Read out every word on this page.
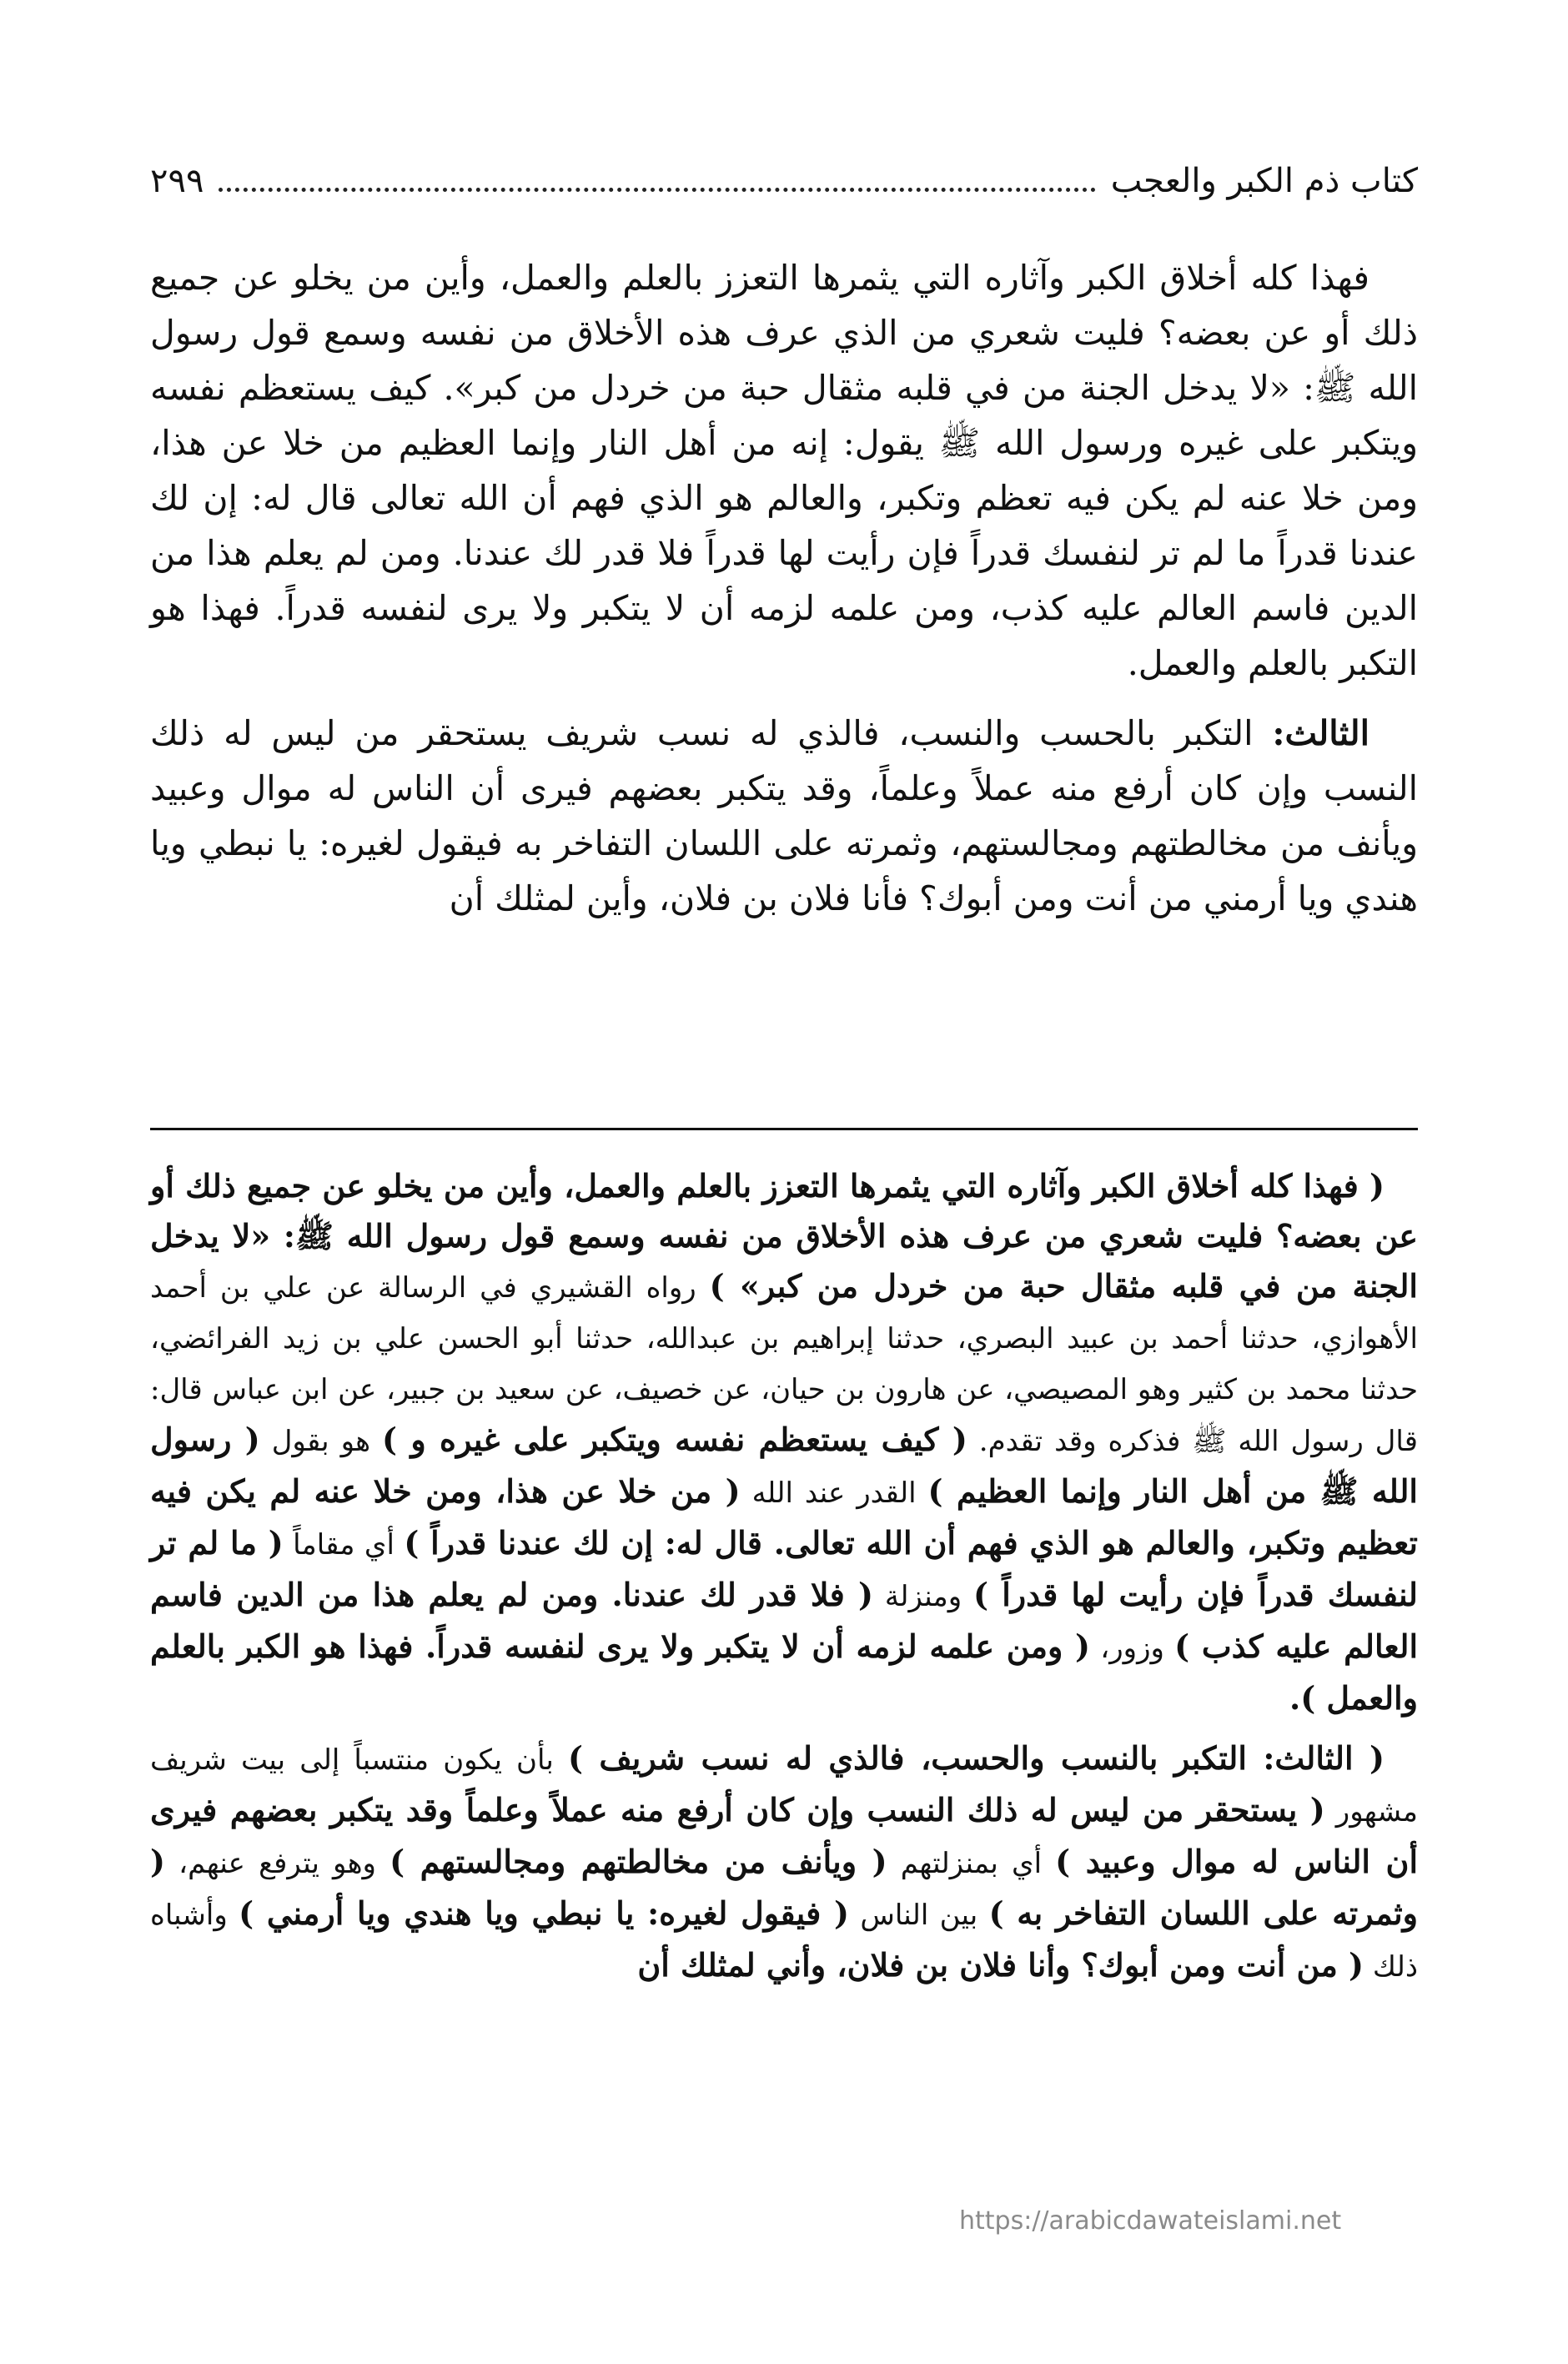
كتاب ذم الكبر والعجب
٢٩٩

فهذا كله أخلاق الكبر وآثاره التي يثمرها التعزز بالعلم والعمل، وأين من يخلو عن جميع ذلك أو عن بعضه؟ فليت شعري من الذي عرف هذه الأخلاق من نفسه وسمع قول رسول الله ﷺ: «لا يدخل الجنة من في قلبه مثقال حبة من خردل من كبر». كيف يستعظم نفسه ويتكبر على غيره ورسول الله ﷺ يقول: إنه من أهل النار وإنما العظيم من خلا عن هذا، ومن خلا عنه لم يكن فيه تعظم وتكبر، والعالم هو الذي فهم أن الله تعالى قال له: إن لك عندنا قدراً ما لم تر لنفسك قدراً فإن رأيت لها قدراً فلا قدر لك عندنا. ومن لم يعلم هذا من الدين فاسم العالم عليه كذب، ومن علمه لزمه أن لا يتكبر ولا يرى لنفسه قدراً. فهذا هو التكبر بالعلم والعمل.

الثالث: التكبر بالحسب والنسب، فالذي له نسب شريف يستحقر من ليس له ذلك النسب وإن كان أرفع منه عملاً وعلماً، وقد يتكبر بعضهم فيرى أن الناس له موال وعبيد ويأنف من مخالطتهم ومجالستهم، وثمرته على اللسان التفاخر به فيقول لغيره: يا نبطي ويا هندي ويا أرمني من أنت ومن أبوك؟ فأنا فلان بن فلان، وأين لمثلك أن

( فهذا كله أخلاق الكبر وآثاره التي يثمرها التعزز بالعلم والعمل، وأين من يخلو عن جميع ذلك أو عن بعضه؟ فليت شعري من عرف هذه الأخلاق من نفسه وسمع قول رسول الله ﷺ: «لا يدخل الجنة من في قلبه مثقال حبة من خردل من كبر» ) رواه القشيري في الرسالة عن علي بن أحمد الأهوازي، حدثنا أحمد بن عبيد البصري، حدثنا إبراهيم بن عبدالله، حدثنا أبو الحسن علي بن زيد الفرائضي، حدثنا محمد بن كثير وهو المصيصي، عن هارون بن حيان، عن خصيف، عن سعيد بن جبير، عن ابن عباس قال: قال رسول الله ﷺ فذكره وقد تقدم. ( كيف يستعظم نفسه ويتكبر على غيره و ) هو بقول ( رسول الله ﷺ من أهل النار وإنما العظيم ) القدر عند الله ( من خلا عن هذا، ومن خلا عنه لم يكن فيه تعظيم وتكبر، والعالم هو الذي فهم أن الله تعالى. قال له: إن لك عندنا قدراً ) أي مقاماً ( ما لم تر لنفسك قدراً فإن رأيت لها قدراً ) ومنزلة ( فلا قدر لك عندنا. ومن لم يعلم هذا من الدين فاسم العالم عليه كذب ) وزور، ( ومن علمه لزمه أن لا يتكبر ولا يرى لنفسه قدراً. فهذا هو الكبر بالعلم والعمل ).

( الثالث: التكبر بالنسب والحسب، فالذي له نسب شريف ) بأن يكون منتسباً إلى بيت شريف مشهور ( يستحقر من ليس له ذلك النسب وإن كان أرفع منه عملاً وعلماً وقد يتكبر بعضهم فيرى أن الناس له موال وعبيد ) أي بمنزلتهم ( ويأنف من مخالطتهم ومجالستهم ) وهو يترفع عنهم، ( وثمرته على اللسان التفاخر به ) بين الناس ( فيقول لغيره: يا نبطي ويا هندي ويا أرمني ) وأشباه ذلك ( من أنت ومن أبوك؟ وأنا فلان بن فلان، وأني لمثلك أن

https://arabicdawateislami.net
